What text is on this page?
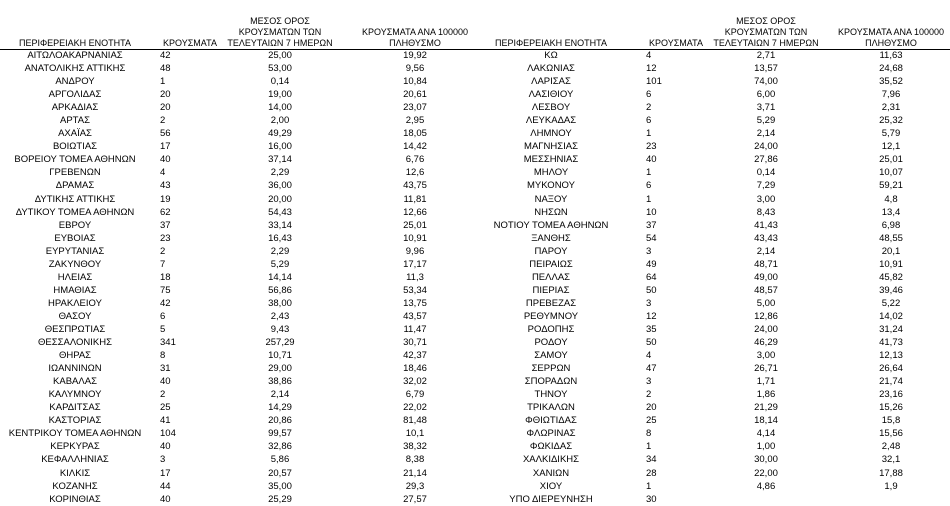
ΠΕΡΙΦΕΡΕΙΑΚΗ ΕΝΟΤΗΤΑ	ΚΡΟΥΣΜΑΤΑ
ΜΕΣΟΣ ΟΡΟΣ
ΚΡΟΥΣΜΑΤΩΝ ΤΩΝ
ΤΕΛΕΥΤΑΙΩΝ 7 ΗΜΕΡΩΝ
ΚΡΟΥΣΜΑΤΑ ΑΝΑ 100000
ΠΛΗΘΥΣΜΟ
ΑΙΤΩΛΟΑΚΑΡΝΑΝΙΑΣ	42	25,00	19,92
ΑΝΑΤΟΛΙΚΗΣ ΑΤΤΙΚΗΣ	48	53,00	9,56
ΑΝΔΡΟΥ	1	0,14	10,84
ΑΡΓΟΛΙΔΑΣ	20	19,00	20,61
ΑΡΚΑΔΙΑΣ	20	14,00	23,07
ΑΡΤΑΣ	2	2,00	2,95
ΑΧΑΪΑΣ	56	49,29	18,05
ΒΟΙΩΤΙΑΣ	17	16,00	14,42
ΒΟΡΕΙΟΥ ΤΟΜΕΑ ΑΘΗΝΩΝ	40	37,14	6,76
ΓΡΕΒΕΝΩΝ	4	2,29	12,6
ΔΡΑΜΑΣ	43	36,00	43,75
ΔΥΤΙΚΗΣ ΑΤΤΙΚΗΣ	19	20,00	11,81
ΔΥΤΙΚΟΥ ΤΟΜΕΑ ΑΘΗΝΩΝ	62	54,43	12,66
ΕΒΡΟΥ	37	33,14	25,01
ΕΥΒΟΙΑΣ	23	16,43	10,91
ΕΥΡΥΤΑΝΙΑΣ	2	2,29	9,96
ΖΑΚΥΝΘΟΥ	7	5,29	17,17
ΗΛΕΙΑΣ	18	14,14	11,3
ΗΜΑΘΙΑΣ	75	56,86	53,34
ΗΡΑΚΛΕΙΟΥ	42	38,00	13,75
ΘΑΣΟΥ	6	2,43	43,57
ΘΕΣΠΡΩΤΙΑΣ	5	9,43	11,47
ΘΕΣΣΑΛΟΝΙΚΗΣ	341	257,29	30,71
ΘΗΡΑΣ	8	10,71	42,37
ΙΩΑΝΝΙΝΩΝ	31	29,00	18,46
ΚΑΒΑΛΑΣ	40	38,86	32,02
ΚΑΛΥΜΝΟΥ	2	2,14	6,79
ΚΑΡΔΙΤΣΑΣ	25	14,29	22,02
ΚΑΣΤΟΡΙΑΣ	41	20,86	81,48
ΚΕΝΤΡΙΚΟΥ ΤΟΜΕΑ ΑΘΗΝΩΝ	104	99,57	10,1
ΚΕΡΚΥΡΑΣ	40	32,86	38,32
ΚΕΦΑΛΛΗΝΙΑΣ	3	5,86	8,38
ΚΙΛΚΙΣ	17	20,57	21,14
ΚΟΖΑΝΗΣ	44	35,00	29,3
ΚΟΡΙΝΘΙΑΣ	40	25,29	27,57
ΠΕΡΙΦΕΡΕΙΑΚΗ ΕΝΟΤΗΤΑ	ΚΡΟΥΣΜΑΤΑ
ΜΕΣΟΣ ΟΡΟΣ
ΚΡΟΥΣΜΑΤΩΝ ΤΩΝ
ΤΕΛΕΥΤΑΙΩΝ 7 ΗΜΕΡΩΝ
ΚΡΟΥΣΜΑΤΑ ΑΝΑ 100000
ΠΛΗΘΥΣΜΟ
ΚΩ	4	2,71	11,63
ΛΑΚΩΝΙΑΣ	12	13,57	24,68
ΛΑΡΙΣΑΣ	101	74,00	35,52
ΛΑΣΙΘΙΟΥ	6	6,00	7,96
ΛΕΣΒΟΥ	2	3,71	2,31
ΛΕΥΚΑΔΑΣ	6	5,29	25,32
ΛΗΜΝΟΥ	1	2,14	5,79
ΜΑΓΝΗΣΙΑΣ	23	24,00	12,1
ΜΕΣΣΗΝΙΑΣ	40	27,86	25,01
ΜΗΛΟΥ	1	0,14	10,07
ΜΥΚΟΝΟΥ	6	7,29	59,21
ΝΑΞΟΥ	1	3,00	4,8
ΝΗΣΩΝ	10	8,43	13,4
ΝΟΤΙΟΥ ΤΟΜΕΑ ΑΘΗΝΩΝ	37	41,43	6,98
ΞΑΝΘΗΣ	54	43,43	48,55
ΠΑΡΟΥ	3	2,14	20,1
ΠΕΙΡΑΙΩΣ	49	48,71	10,91
ΠΕΛΛΑΣ	64	49,00	45,82
ΠΙΕΡΙΑΣ	50	48,57	39,46
ΠΡΕΒΕΖΑΣ	3	5,00	5,22
ΡΕΘΥΜΝΟΥ	12	12,86	14,02
ΡΟΔΟΠΗΣ	35	24,00	31,24
ΡΟΔΟΥ	50	46,29	41,73
ΣΑΜΟΥ	4	3,00	12,13
ΣΕΡΡΩΝ	47	26,71	26,64
ΣΠΟΡΑΔΩΝ	3	1,71	21,74
ΤΗΝΟΥ	2	1,86	23,16
ΤΡΙΚΑΛΩΝ	20	21,29	15,26
ΦΘΙΩΤΙΔΑΣ	25	18,14	15,8
ΦΛΩΡΙΝΑΣ	8	4,14	15,56
ΦΩΚΙΔΑΣ	1	1,00	2,48
ΧΑΛΚΙΔΙΚΗΣ	34	30,00	32,1
ΧΑΝΙΩΝ	28	22,00	17,88
ΧΙΟΥ	1	4,86	1,9
ΥΠΟ ΔΙΕΡΕΥΝΗΣΗ	30
